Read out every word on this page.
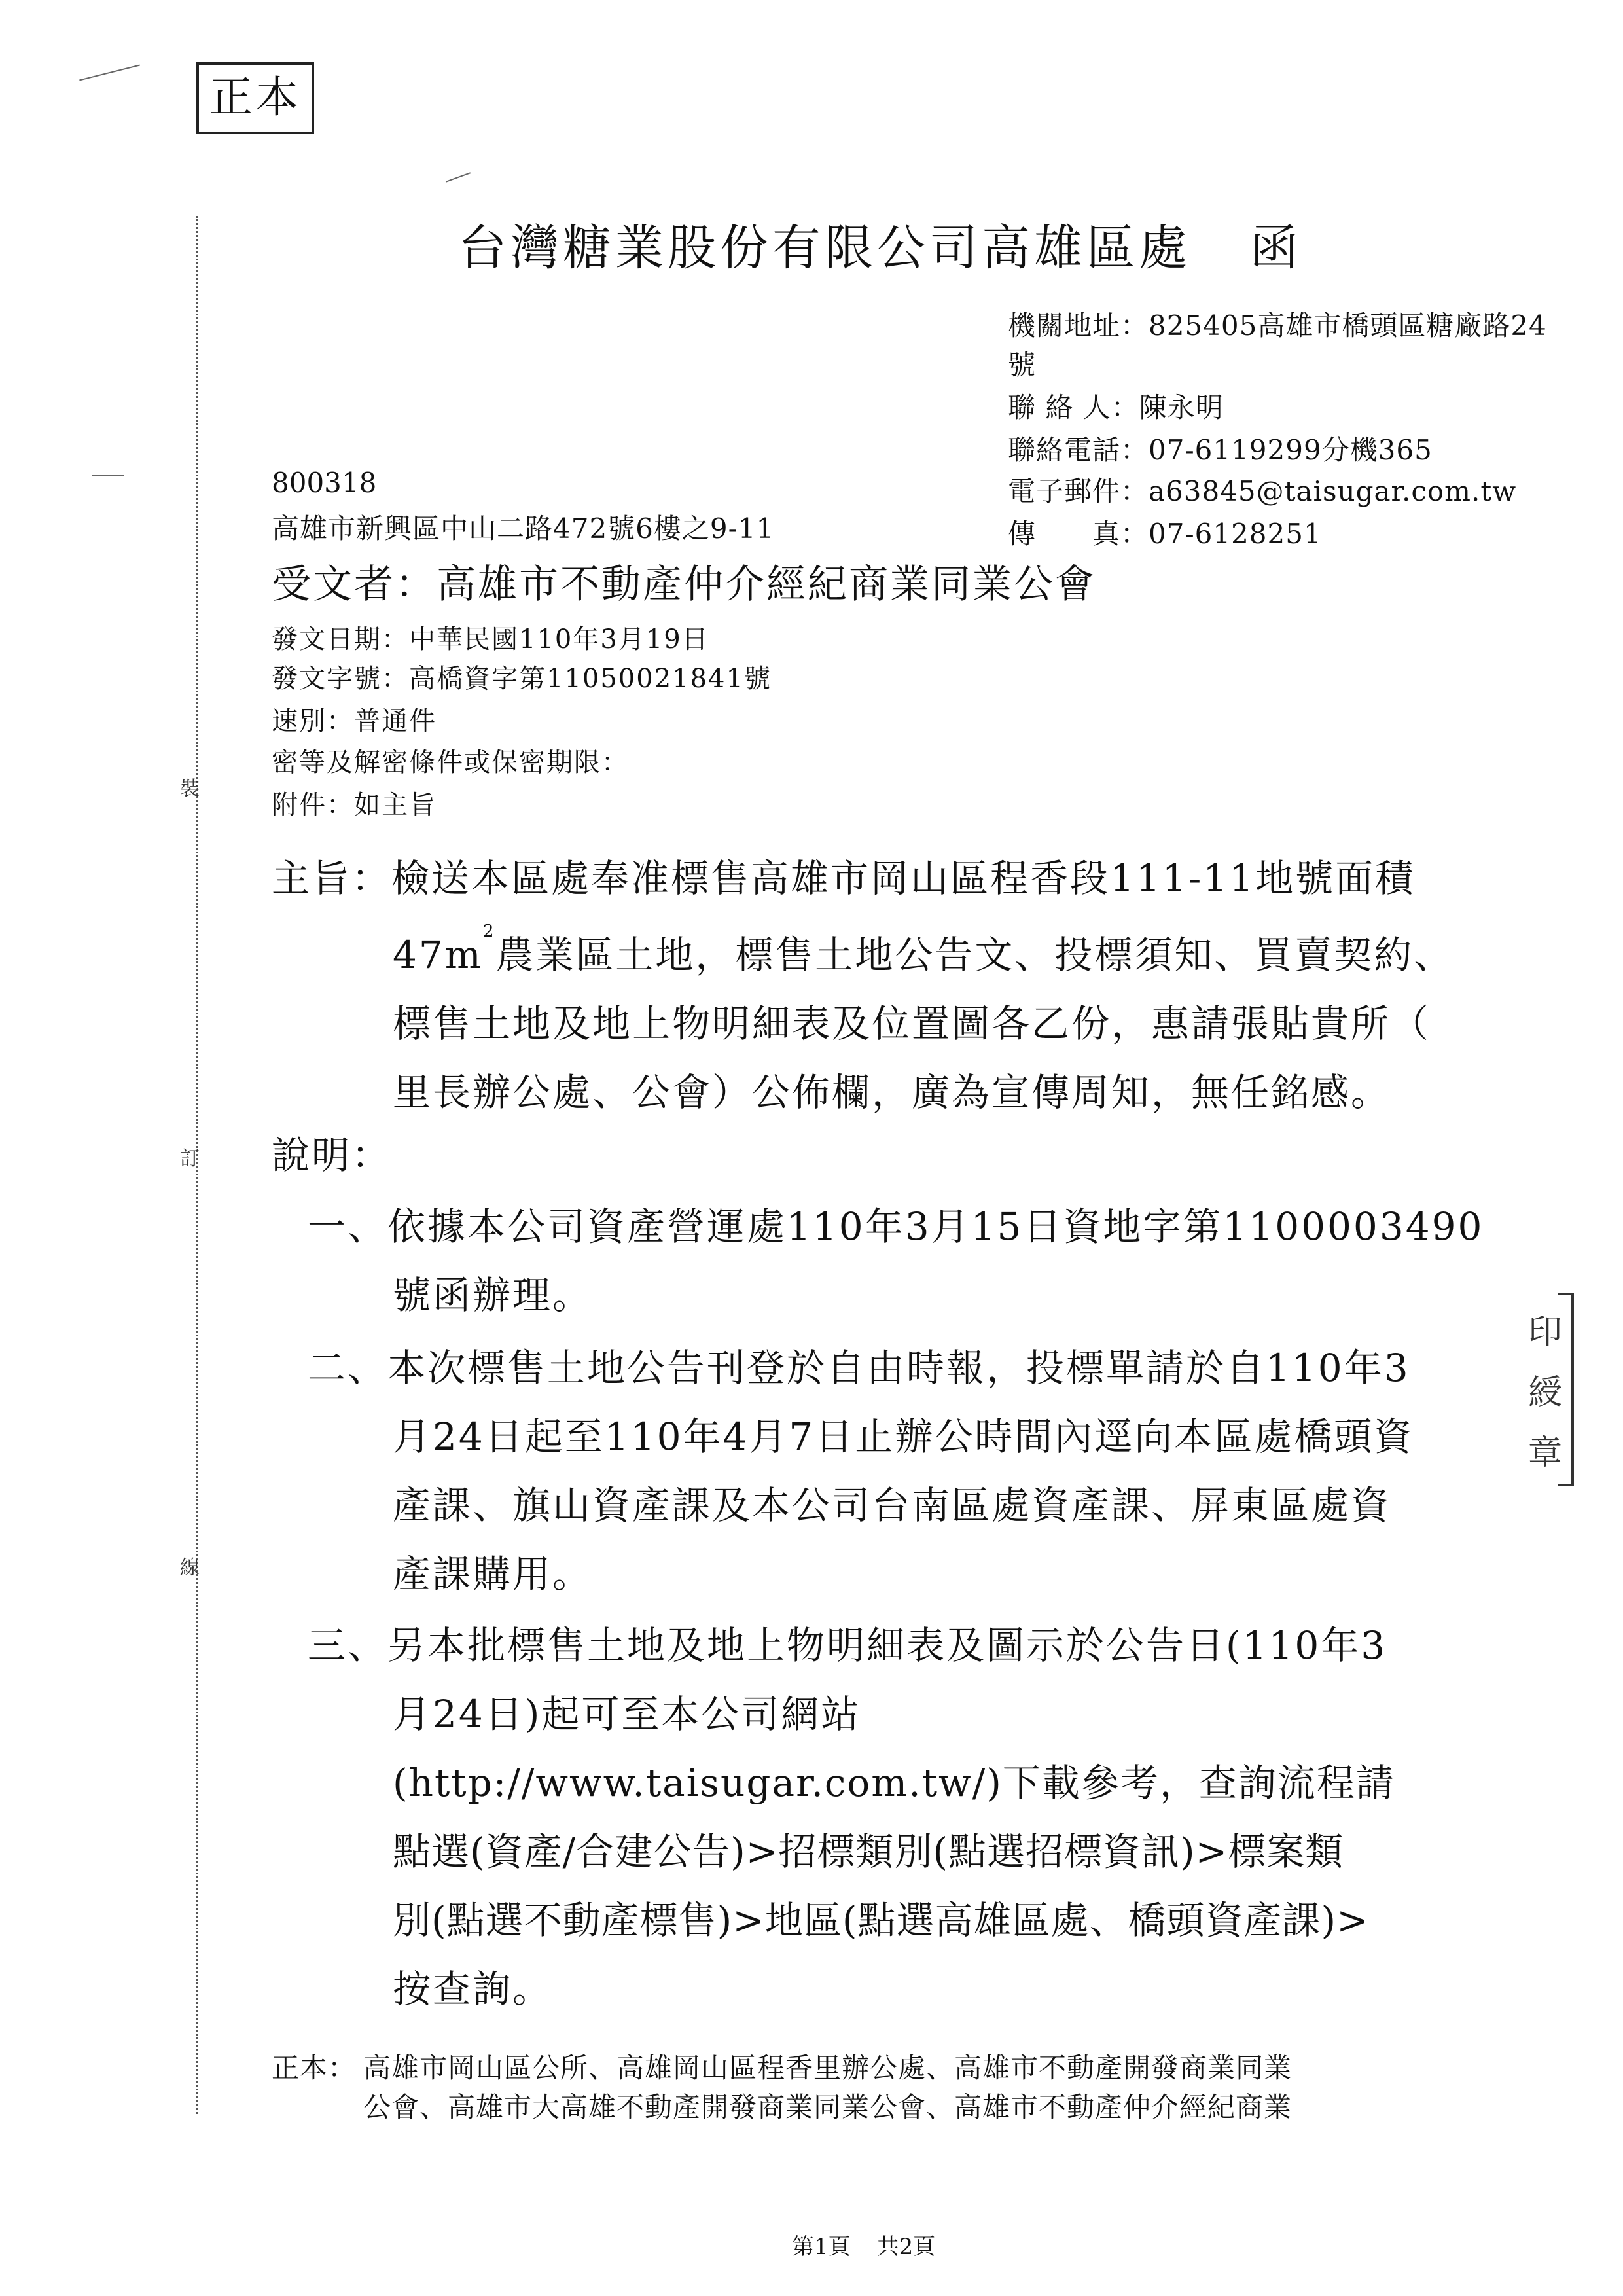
裝
訂
線
正本
台灣糖業股份有限公司高雄區處 函
機關地址：825405高雄市橋頭區糖廠路24
號
聯 絡 人：陳永明
聯絡電話：07-6119299分機365
電子郵件：a63845@taisugar.com.tw
傳　　真：07-6128251
800318
高雄市新興區中山二路472號6樓之9-11
受文者：高雄市不動產仲介經紀商業同業公會
發文日期：中華民國110年3月19日
發文字號：高橋資字第11050021841號
速別：普通件
密等及解密條件或保密期限：
附件：如主旨
主旨：檢送本區處奉准標售高雄市岡山區程香段111-11地號面積
$47m^2$農業區土地，標售土地公告文、投標須知、買賣契約、
標售土地及地上物明細表及位置圖各乙份，惠請張貼貴所（
里長辦公處、公會）公佈欄，廣為宣傳周知，無任銘感。
說明：
一、依據本公司資產營運處110年3月15日資地字第1100003490
號函辦理。
二、本次標售土地公告刊登於自由時報，投標單請於自110年3
月24日起至110年4月7日止辦公時間內逕向本區處橋頭資
產課、旗山資產課及本公司台南區處資產課、屏東區處資
產課購用。
三、另本批標售土地及地上物明細表及圖示於公告日(110年3
月24日)起可至本公司網站
(http://www.taisugar.com.tw/)下載參考，查詢流程請
點選(資產/合建公告)>招標類別(點選招標資訊)>標案類
別(點選不動產標售)>地區(點選高雄區處、橋頭資產課)>
按查詢。
印綬章
正本： 高雄市岡山區公所、高雄岡山區程香里辦公處、高雄市不動產開發商業同業
公會、高雄市大高雄不動產開發商業同業公會、高雄市不動產仲介經紀商業
第1頁 共2頁
